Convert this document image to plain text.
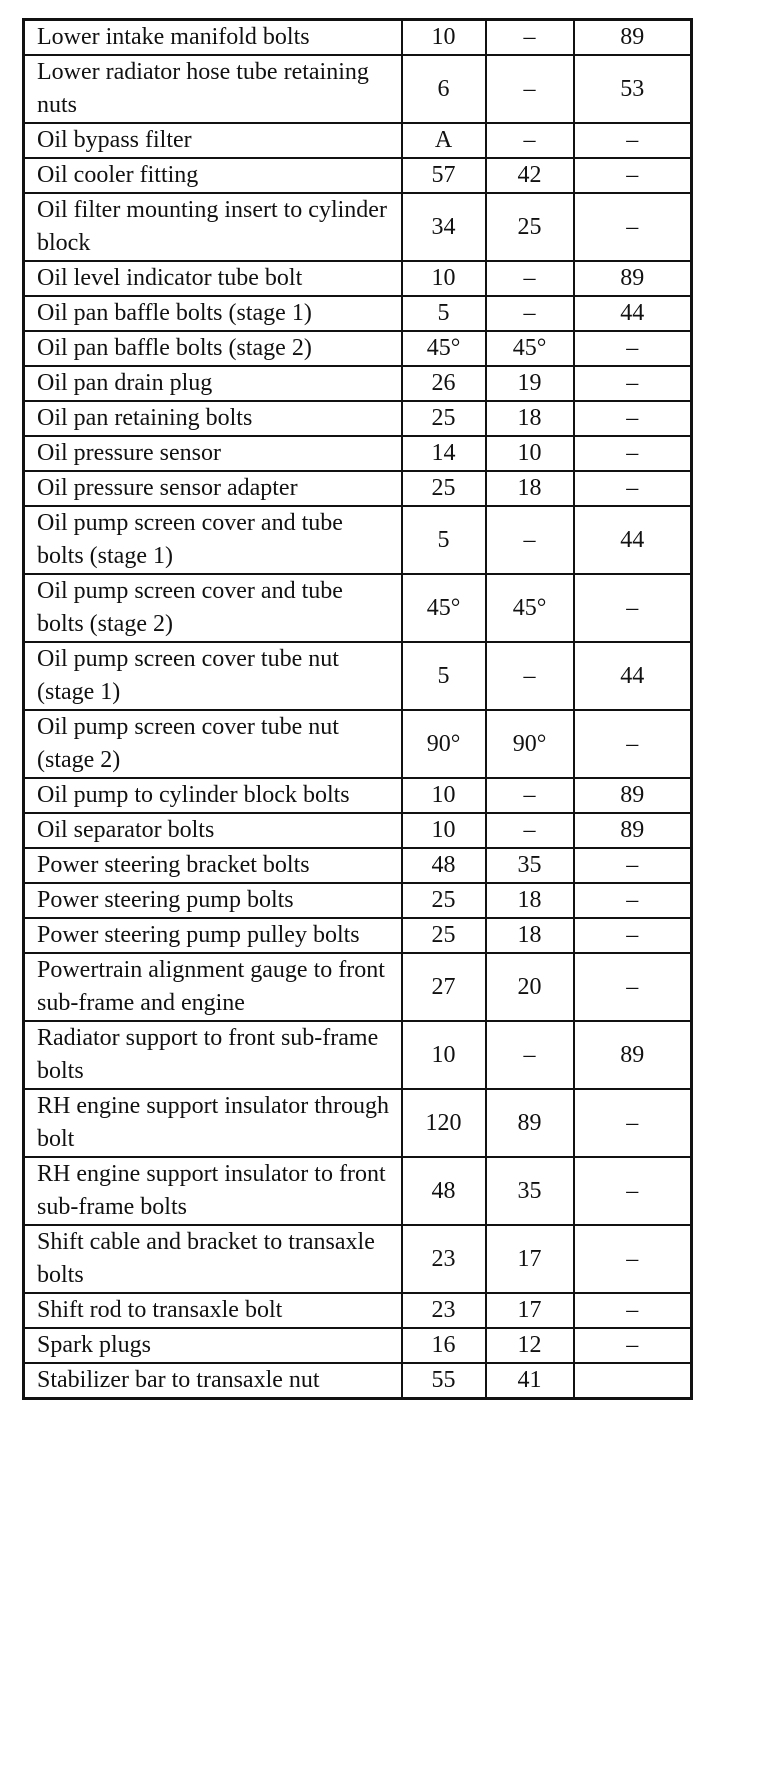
Lower intake manifold bolts	10	–	89
Lower radiator hose tube retaining nuts	6	–	53
Oil bypass filter	A	–	–
Oil cooler fitting	57	42	–
Oil filter mounting insert to cylinder block	34	25	–
Oil level indicator tube bolt	10	–	89
Oil pan baffle bolts (stage 1)	5	–	44
Oil pan baffle bolts (stage 2)	45°	45°	–
Oil pan drain plug	26	19	–
Oil pan retaining bolts	25	18	–
Oil pressure sensor	14	10	–
Oil pressure sensor adapter	25	18	–
Oil pump screen cover and tube bolts (stage 1)	5	–	44
Oil pump screen cover and tube bolts (stage 2)	45°	45°	–
Oil pump screen cover tube nut (stage 1)	5	–	44
Oil pump screen cover tube nut (stage 2)	90°	90°	–
Oil pump to cylinder block bolts	10	–	89
Oil separator bolts	10	–	89
Power steering bracket bolts	48	35	–
Power steering pump bolts	25	18	–
Power steering pump pulley bolts	25	18	–
Powertrain alignment gauge to front sub-frame and engine	27	20	–
Radiator support to front sub-frame bolts	10	–	89
RH engine support insulator through bolt	120	89	–
RH engine support insulator to front sub-frame bolts	48	35	–
Shift cable and bracket to transaxle bolts	23	17	–
Shift rod to transaxle bolt	23	17	–
Spark plugs	16	12	–
Stabilizer bar to transaxle nut	55	41	
